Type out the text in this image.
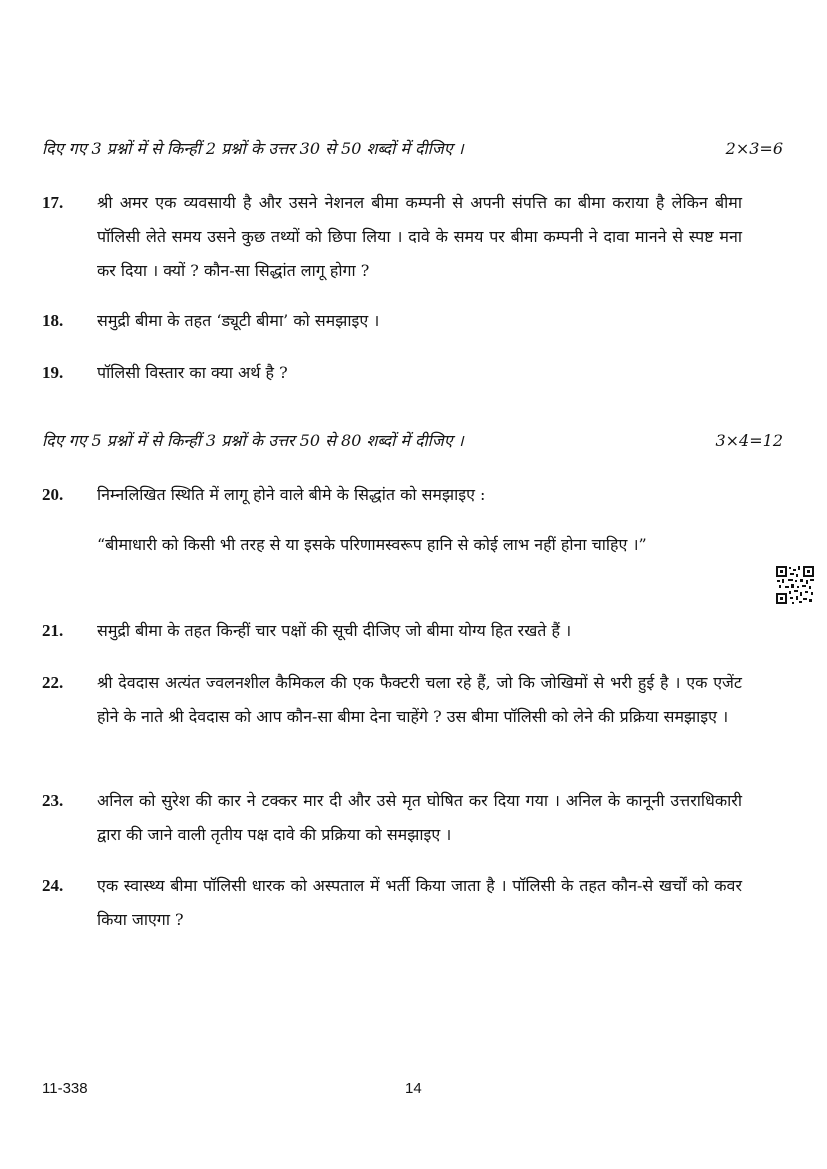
दिए गए 3 प्रश्नों में से किन्हीं 2 प्रश्नों के उत्तर 30 से 50 शब्दों में दीजिए ।	2×3=6
17. श्री अमर एक व्यवसायी है और उसने नेशनल बीमा कम्पनी से अपनी संपत्ति का बीमा कराया है लेकिन बीमा पॉलिसी लेते समय उसने कुछ तथ्यों को छिपा लिया । दावे के समय पर बीमा कम्पनी ने दावा मानने से स्पष्ट मना कर दिया । क्यों ? कौन-सा सिद्धांत लागू होगा ?
18. समुद्री बीमा के तहत ‘ड्यूटी बीमा’ को समझाइए ।
19. पॉलिसी विस्तार का क्या अर्थ है ?
दिए गए 5 प्रश्नों में से किन्हीं 3 प्रश्नों के उत्तर 50 से 80 शब्दों में दीजिए ।	3×4=12
20. निम्नलिखित स्थिति में लागू होने वाले बीमे के सिद्धांत को समझाइए :
“बीमाधारी को किसी भी तरह से या इसके परिणामस्वरूप हानि से कोई लाभ नहीं होना चाहिए ।”
21. समुद्री बीमा के तहत किन्हीं चार पक्षों की सूची दीजिए जो बीमा योग्य हित रखते हैं ।
22. श्री देवदास अत्यंत ज्वलनशील कैमिकल की एक फैक्टरी चला रहे हैं, जो कि जोखिमों से भरी हुई है । एक एजेंट होने के नाते श्री देवदास को आप कौन-सा बीमा देना चाहेंगे ? उस बीमा पॉलिसी को लेने की प्रक्रिया समझाइए ।
23. अनिल को सुरेश की कार ने टक्कर मार दी और उसे मृत घोषित कर दिया गया । अनिल के कानूनी उत्तराधिकारी द्वारा की जाने वाली तृतीय पक्ष दावे की प्रक्रिया को समझाइए ।
24. एक स्वास्थ्य बीमा पॉलिसी धारक को अस्पताल में भर्ती किया जाता है । पॉलिसी के तहत कौन-से खर्चों को कवर किया जाएगा ?
11-338	14
